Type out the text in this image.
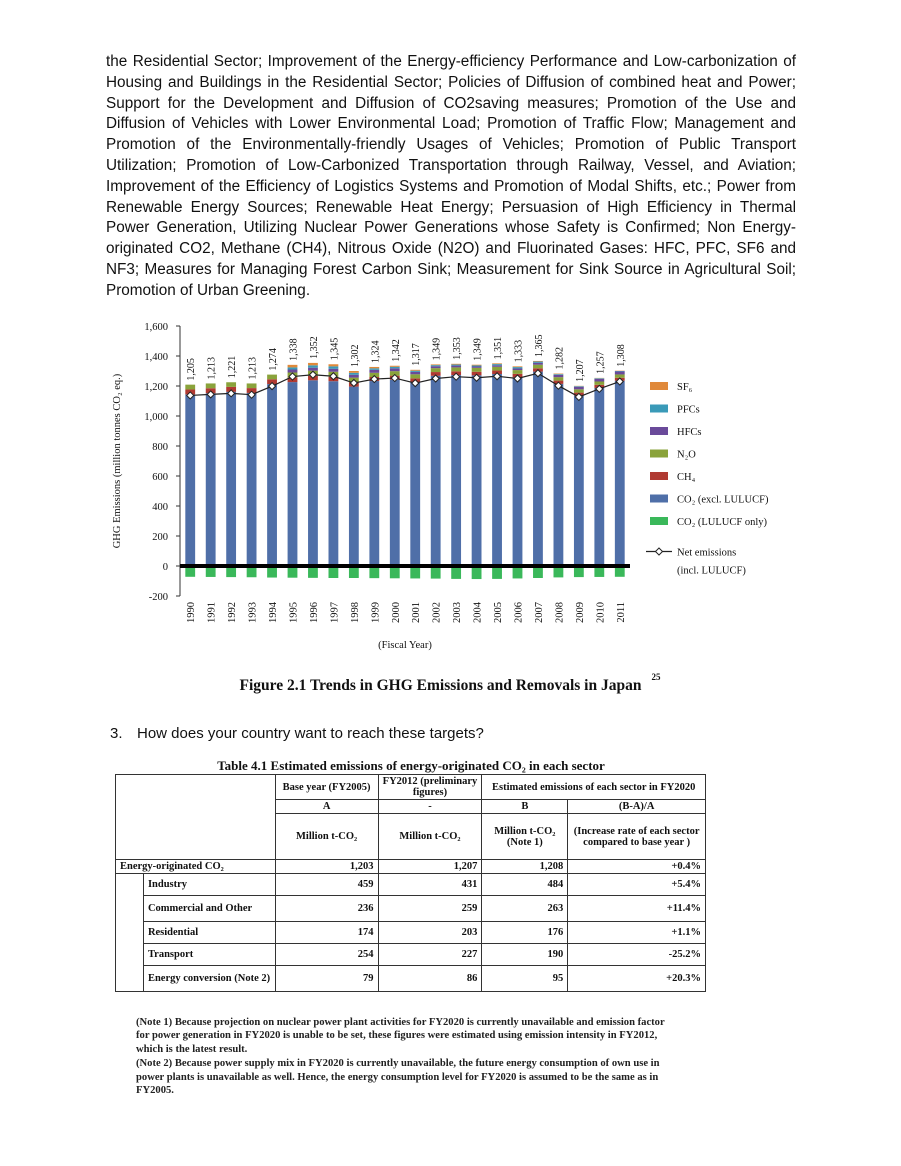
the Residential Sector; Improvement of the Energy-efficiency Performance and Low-carbonization of Housing and Buildings in the Residential Sector; Policies of Diffusion of combined heat and Power; Support for the Development and Diffusion of CO2saving measures; Promotion of the Use and Diffusion of Vehicles with Lower Environmental Load; Promotion of Traffic Flow; Management and Promotion of the Environmentally-friendly Usages of Vehicles; Promotion of Public Transport Utilization; Promotion of Low-Carbonized Transportation through Railway, Vessel, and Aviation; Improvement of the Efficiency of Logistics Systems and Promotion of Modal Shifts, etc.; Power from Renewable Energy Sources; Renewable Heat Energy; Persuasion of High Efficiency in Thermal Power Generation, Utilizing Nuclear Power Generations whose Safety is Confirmed; Non Energy-originated CO2, Methane (CH4), Nitrous Oxide (N2O) and Fluorinated Gases: HFC, PFC, SF6 and NF3; Measures for Managing Forest Carbon Sink; Measurement for Sink Source in Agricultural Soil; Promotion of Urban Greening.

-200
0
200
400
600
800
1,000
1,200
1,400
1,600
GHG Emissions (million tonnes CO₂ eq.)
1990 1991 1992 1993 1994 1995 1996 1997 1998 1999 2000 2001 2002 2003 2004 2005 2006 2007 2008 2009 2010 2011
(Fiscal Year)
1,205 1,213 1,221 1,213 1,274 1,338 1,352 1,345 1,302 1,324 1,342 1,317 1,349 1,353 1,349 1,351 1,333 1,365
1,282
1,207 1,257 1,308
SF₆
PFCs
HFCs
N₂O
CH₄
CO₂ (excl. LULUCF)
CO₂ (LULUCF only)
Net emissions
(incl. LULUCF)
Figure 2.1 Trends in GHG Emissions and Removals in Japan$^{25}$
3. How does your country want to reach these targets?
Table 4.1 Estimated emissions of energy-originated CO₂ in each sector
		Base year (FY2005)	FY2012 (preliminary figures)	Estimated emissions of each sector in FY2020	
		A	-	B	(B-A)/A
		Million t-CO₂	Million t-CO₂	Million t-CO₂ (Note 1)	(Increase rate of each sector compared to base year )
Energy-originated CO₂		1,203	1,207	1,208	+0.4%
	Industry	459	431	484	+5.4%
	Commercial and Other	236	259	263	+11.4%
	Residential	174	203	176	+1.1%
	Transport	254	227	190	-25.2%
	Energy conversion (Note 2)	79	86	95	+20.3%

(Note 1) Because projection on nuclear power plant activities for FY2020 is currently unavailable and emission factor for power generation in FY2020 is unable to be set, these figures were estimated using emission intensity in FY2012, which is the latest result.

(Note 2) Because power supply mix in FY2020 is currently unavailable, the future energy consumption of own use in power plants is unavailable as well. Hence, the energy consumption level for FY2020 is assumed to be the same as in FY2005.
